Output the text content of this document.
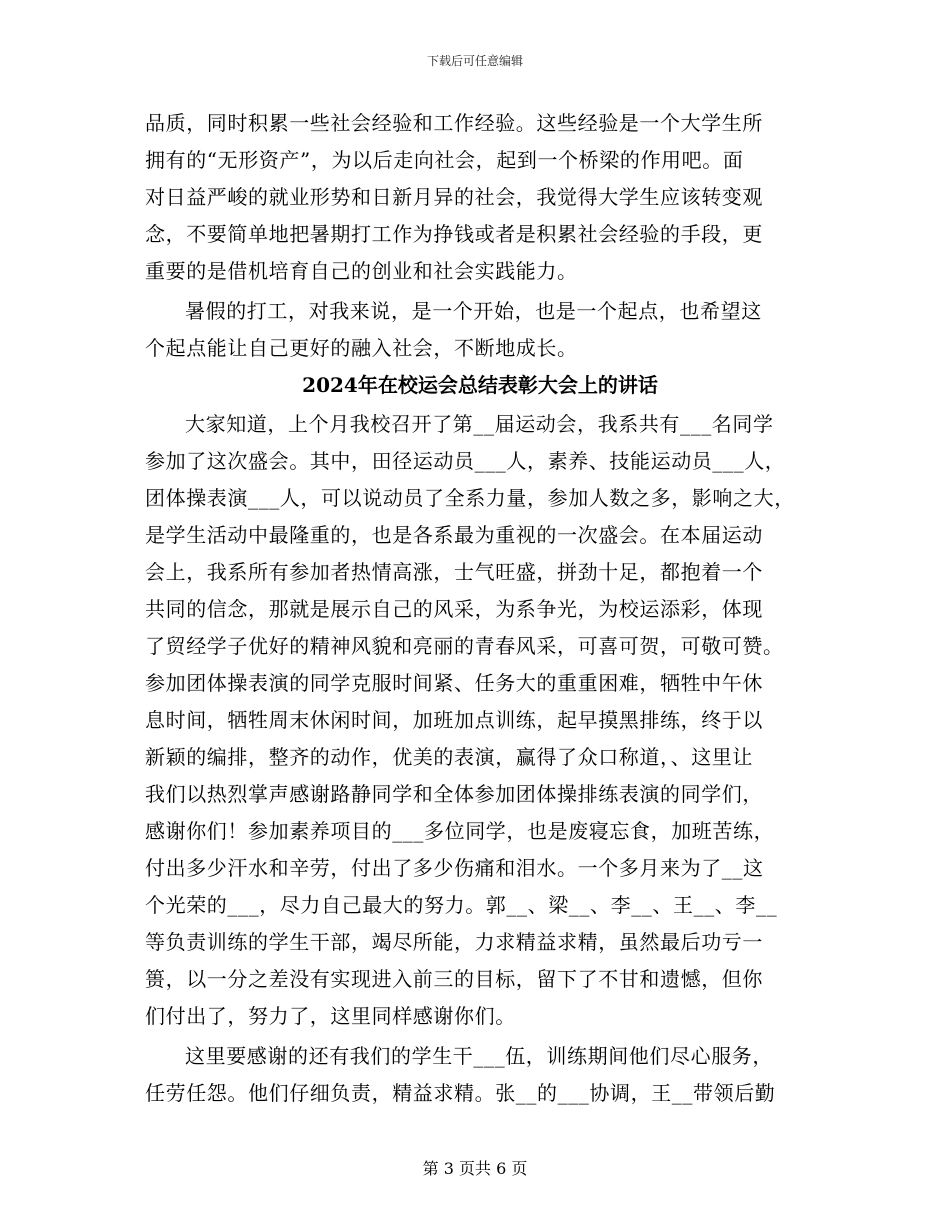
下载后可任意编辑
品质，同时积累一些社会经验和工作经验。这些经验是一个大学生所
拥有的“无形资产”，为以后走向社会，起到一个桥梁的作用吧。面
对日益严峻的就业形势和日新月异的社会，我觉得大学生应该转变观
念，不要简单地把暑期打工作为挣钱或者是积累社会经验的手段，更
重要的是借机培育自己的创业和社会实践能力。
暑假的打工，对我来说，是一个开始，也是一个起点，也希望这
个起点能让自己更好的融入社会，不断地成长。
2024年在校运会总结表彰大会上的讲话
大家知道，上个月我校召开了第__届运动会，我系共有___名同学
参加了这次盛会。其中，田径运动员___人，素养、技能运动员___人，
团体操表演___人，可以说动员了全系力量，参加人数之多，影响之大，
是学生活动中最隆重的，也是各系最为重视的一次盛会。在本届运动
会上，我系所有参加者热情高涨，士气旺盛，拼劲十足，都抱着一个
共同的信念，那就是展示自己的风采，为系争光，为校运添彩，体现
了贸经学子优好的精神风貌和亮丽的青春风采，可喜可贺，可敬可赞。
参加团体操表演的同学克服时间紧、任务大的重重困难，牺牲中午休
息时间，牺牲周末休闲时间，加班加点训练，起早摸黑排练，终于以
新颖的编排，整齐的动作，优美的表演，赢得了众口称道，、这里让
我们以热烈掌声感谢路静同学和全体参加团体操排练表演的同学们，
感谢你们！参加素养项目的___多位同学，也是废寝忘食，加班苦练，
付出多少汗水和辛劳，付出了多少伤痛和泪水。一个多月来为了__这
个光荣的___，尽力自己最大的努力。郭__、梁__、李__、王__、李__
等负责训练的学生干部，竭尽所能，力求精益求精，虽然最后功亏一
篑，以一分之差没有实现进入前三的目标，留下了不甘和遗憾，但你
们付出了，努力了，这里同样感谢你们。
这里要感谢的还有我们的学生干___伍，训练期间他们尽心服务，
任劳任怨。他们仔细负责，精益求精。张__的___协调，王__带领后勤
第 3 页共 6 页
